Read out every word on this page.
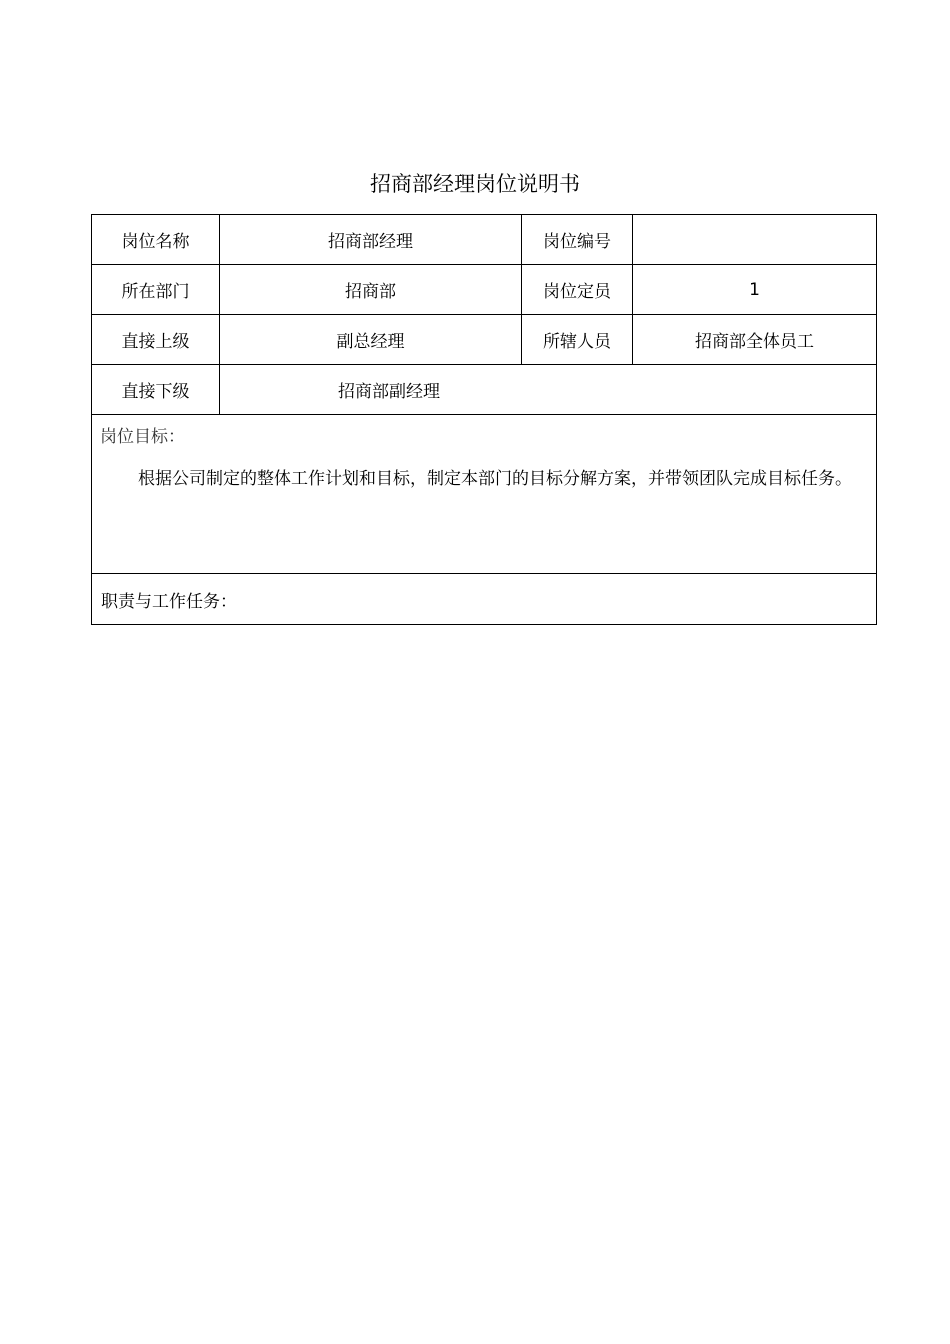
招商部经理岗位说明书
岗位名称	招商部经理	岗位编号	
所在部门	招商部	岗位定员	1
直接上级	副总经理	所辖人员	招商部全体员工
直接下级	招商部副经理		

岗位目标：
根据公司制定的整体工作计划和目标，制定本部门的目标分解方案，并带领团队完成目标任务。			

职责与工作任务：			
